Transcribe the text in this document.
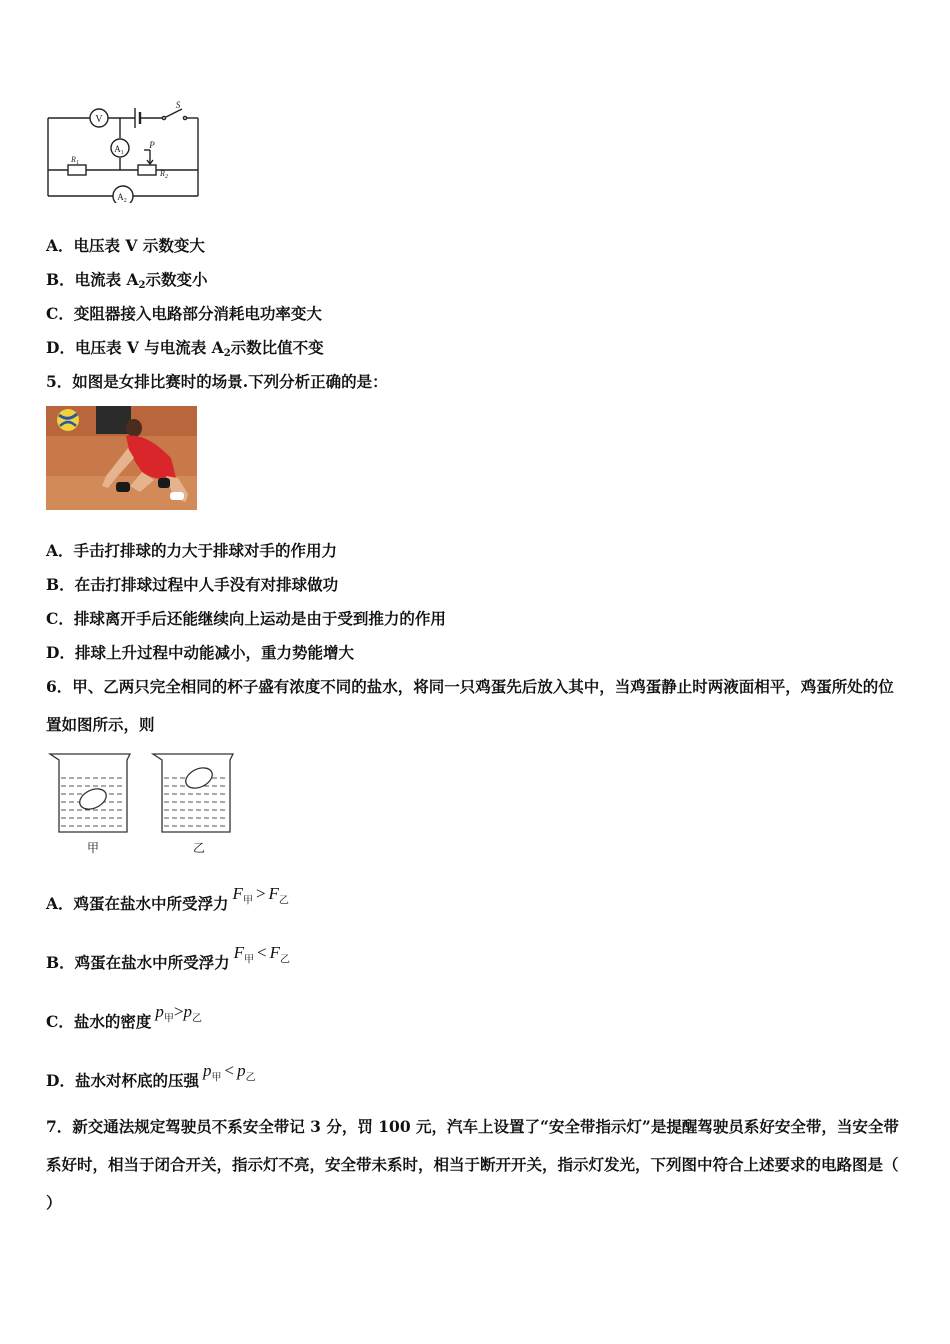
V
$A_1$
$A_2$
S
P
$R_1$
$R_2$
A．电压表 V 示数变大
B．电流表 $A_2$示数变小
C．变阻器接入电路部分消耗电功率变大
D．电压表 V 与电流表 $A_2$示数比值不变
5．如图是女排比赛时的场景.下列分析正确的是：
A．手击打排球的力大于排球对手的作用力
B．在击打排球过程中人手没有对排球做功
C．排球离开手后还能继续向上运动是由于受到推力的作用
D．排球上升过程中动能减小，重力势能增大
6．甲、乙两只完全相同的杯子盛有浓度不同的盐水，将同一只鸡蛋先后放入其中，当鸡蛋静止时两液面相平，鸡蛋所处的位置如图所示，则
甲	乙
A．鸡蛋在盐水中所受浮力$F_甲 > F_乙$
B．鸡蛋在盐水中所受浮力$F_甲 < F_乙$
C．盐水的密度$p_甲>p_乙$
D．盐水对杯底的压强$p_甲 < p_乙$
7．新交通法规定驾驶员不系安全带记 3 分，罚 100 元，汽车上设置了“安全带指示灯”是提醒驾驶员系好安全带，当安全带系好时，相当于闭合开关，指示灯不亮，安全带未系时，相当于断开开关，指示灯发光，下列图中符合上述要求的电路图是（ ）
